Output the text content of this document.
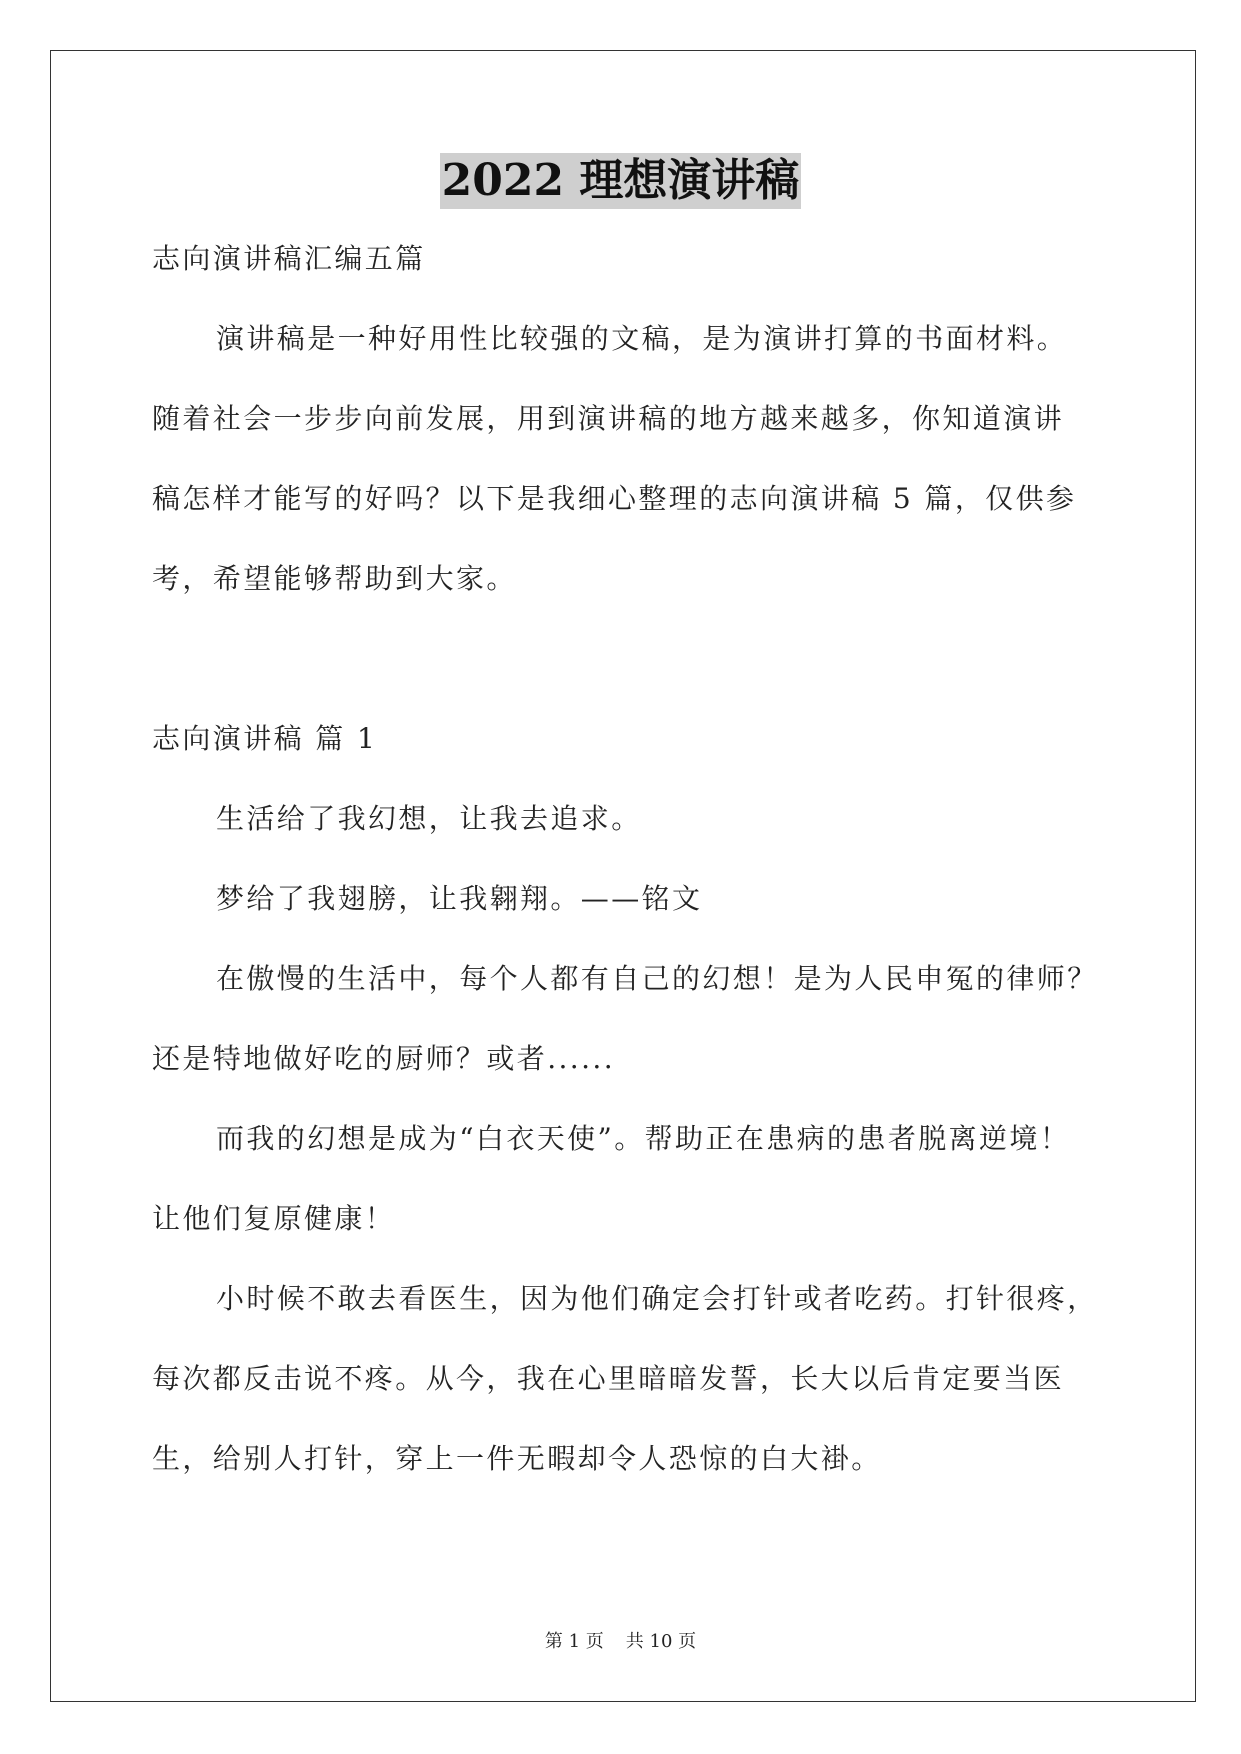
2022 理想演讲稿
志向演讲稿汇编五篇
演讲稿是一种好用性比较强的文稿，是为演讲打算的书面材料。
随着社会一步步向前发展，用到演讲稿的地方越来越多，你知道演讲
稿怎样才能写的好吗？以下是我细心整理的志向演讲稿 5 篇，仅供参
考，希望能够帮助到大家。
志向演讲稿 篇 1
生活给了我幻想，让我去追求。
梦给了我翅膀，让我翱翔。——铭文
在傲慢的生活中，每个人都有自己的幻想！是为人民申冤的律师？
还是特地做好吃的厨师？或者......
而我的幻想是成为“白衣天使”。帮助正在患病的患者脱离逆境！
让他们复原健康！
小时候不敢去看医生，因为他们确定会打针或者吃药。打针很疼，
每次都反击说不疼。从今，我在心里暗暗发誓，长大以后肯定要当医
生，给别人打针，穿上一件无暇却令人恐惊的白大褂。
第 1 页 共 10 页
